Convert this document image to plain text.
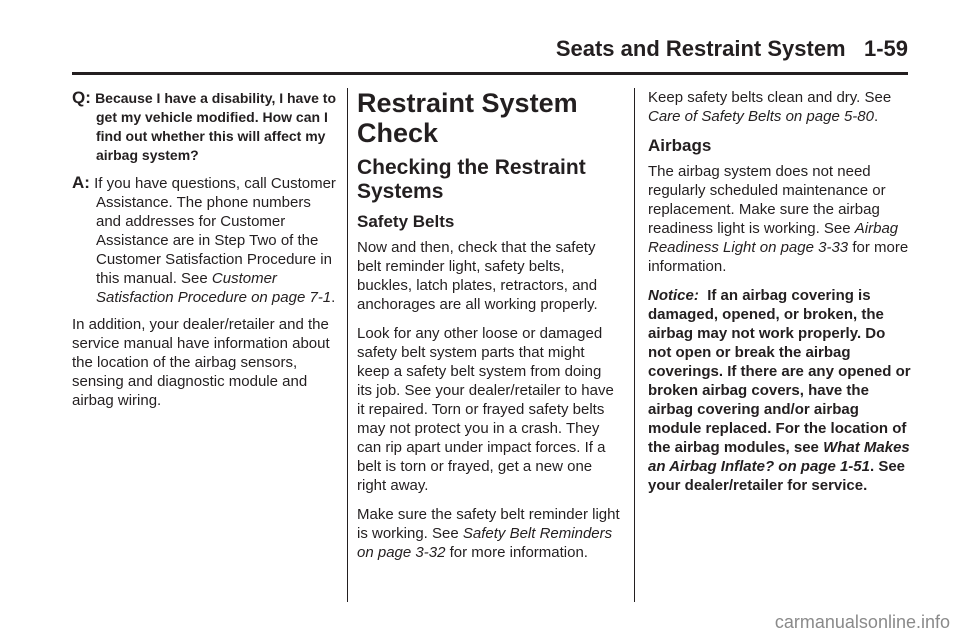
Seats and Restraint System 1-59

Q: Because I have a disability, I have to get my vehicle modified. How can I find out whether this will affect my airbag system?

A: If you have questions, call Customer Assistance. The phone numbers and addresses for Customer Assistance are in Step Two of the Customer Satisfaction Procedure in this manual. See Customer Satisfaction Procedure on page 7-1.

In addition, your dealer/retailer and the service manual have information about the location of the airbag sensors, sensing and diagnostic module and airbag wiring.

Restraint System Check
Checking the Restraint Systems
Safety Belts

Now and then, check that the safety belt reminder light, safety belts, buckles, latch plates, retractors, and anchorages are all working properly.

Look for any other loose or damaged safety belt system parts that might keep a safety belt system from doing its job. See your dealer/retailer to have it repaired. Torn or frayed safety belts may not protect you in a crash. They can rip apart under impact forces. If a belt is torn or frayed, get a new one right away.

Make sure the safety belt reminder light is working. See Safety Belt Reminders on page 3-32 for more information.

Keep safety belts clean and dry. See Care of Safety Belts on page 5-80.

Airbags

The airbag system does not need regularly scheduled maintenance or replacement. Make sure the airbag readiness light is working. See Airbag Readiness Light on page 3-33 for more information.

Notice: If an airbag covering is damaged, opened, or broken, the airbag may not work properly. Do not open or break the airbag coverings. If there are any opened or broken airbag covers, have the airbag covering and/or airbag module replaced. For the location of the airbag modules, see What Makes an Airbag Inflate? on page 1-51. See your dealer/retailer for service.

carmanualsonline.info
